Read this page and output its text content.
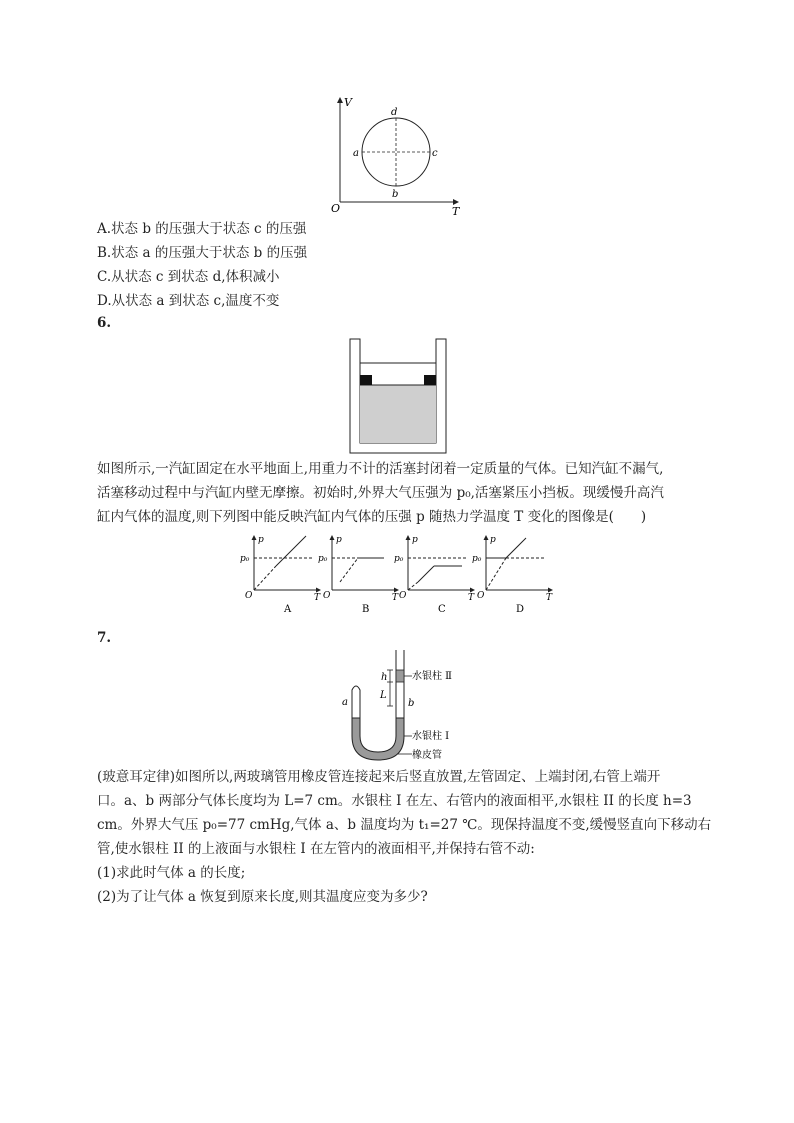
V
T
O
a
b
c
d
A.状态 b 的压强大于状态 c 的压强
B.状态 a 的压强大于状态 b 的压强
C.从状态 c 到状态 d,体积减小
D.从状态 a 到状态 c,温度不变
6.
如图所示,一汽缸固定在水平地面上,用重力不计的活塞封闭着一定质量的气体。已知汽缸不漏气,
活塞移动过程中与汽缸内壁无摩擦。初始时,外界大气压强为 p₀,活塞紧压小挡板。现缓慢升高汽
缸内气体的温度,则下列图中能反映汽缸内气体的压强 p 随热力学温度 T 变化的图像是(　　)
p
T
O
p₀
A
p
T
O
p₀
B
p
T
O
p₀
C
p
T
O
p₀
D
7.
h
L
a	b
水银柱 Ⅱ
水银柱 Ⅰ
橡皮管
(玻意耳定律)如图所以,两玻璃管用橡皮管连接起来后竖直放置,左管固定、上端封闭,右管上端开
口。a、b 两部分气体长度均为 L=7 cm。水银柱 I 在左、右管内的液面相平,水银柱 II 的长度 h=3
cm。外界大气压 p₀=77 cmHg,气体 a、b 温度均为 t₁=27 ℃。现保持温度不变,缓慢竖直向下移动右
管,使水银柱 II 的上液面与水银柱 I 在左管内的液面相平,并保持右管不动:
(1)求此时气体 a 的长度;
(2)为了让气体 a 恢复到原来长度,则其温度应变为多少?
